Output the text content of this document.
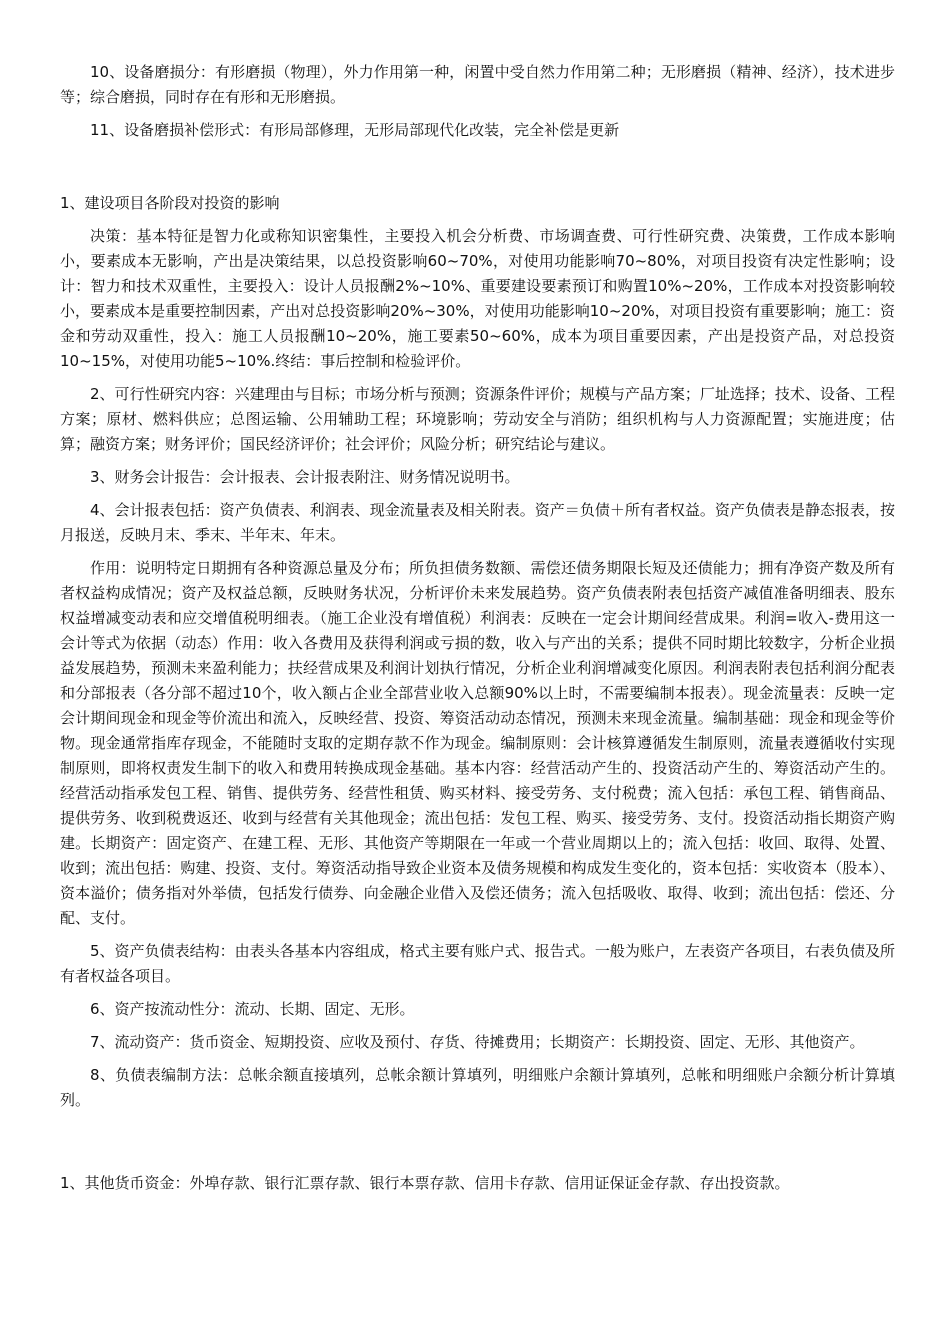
10、设备磨损分：有形磨损（物理），外力作用第一种，闲置中受自然力作用第二种；无形磨损（精神、经济），技术进步等；综合磨损，同时存在有形和无形磨损。

11、设备磨损补偿形式：有形局部修理，无形局部现代化改装，完全补偿是更新

1、建设项目各阶段对投资的影响

决策：基本特征是智力化或称知识密集性，主要投入机会分析费、市场调查费、可行性研究费、决策费，工作成本影响小，要素成本无影响，产出是决策结果，以总投资影响60~70%，对使用功能影响70~80%，对项目投资有决定性影响；设计：智力和技术双重性，主要投入：设计人员报酬2%~10%、重要建设要素预订和购置10%~20%，工作成本对投资影响较小，要素成本是重要控制因素，产出对总投资影响20%~30%，对使用功能影响10~20%，对项目投资有重要影响；施工：资金和劳动双重性，投入：施工人员报酬10~20%，施工要素50~60%，成本为项目重要因素，产出是投资产品，对总投资10~15%，对使用功能5~10%.终结：事后控制和检验评价。

2、可行性研究内容：兴建理由与目标；市场分析与预测；资源条件评价；规模与产品方案；厂址选择；技术、设备、工程方案；原材、燃料供应；总图运输、公用辅助工程；环境影响；劳动安全与消防；组织机构与人力资源配置；实施进度；估算；融资方案；财务评价；国民经济评价；社会评价；风险分析；研究结论与建议。

3、财务会计报告：会计报表、会计报表附注、财务情况说明书。

4、会计报表包括：资产负债表、利润表、现金流量表及相关附表。资产＝负债＋所有者权益。资产负债表是静态报表，按月报送，反映月末、季末、半年末、年末。

作用：说明特定日期拥有各种资源总量及分布；所负担债务数额、需偿还债务期限长短及还债能力；拥有净资产数及所有者权益构成情况；资产及权益总额，反映财务状况，分析评价未来发展趋势。资产负债表附表包括资产减值准备明细表、股东权益增减变动表和应交增值税明细表。（施工企业没有增值税）利润表：反映在一定会计期间经营成果。利润=收入-费用这一会计等式为依据（动态）作用：收入各费用及获得利润或亏损的数，收入与产出的关系；提供不同时期比较数字，分析企业损益发展趋势，预测未来盈利能力；扶经营成果及利润计划执行情况，分析企业利润增减变化原因。利润表附表包括利润分配表和分部报表（各分部不超过10个，收入额占企业全部营业收入总额90%以上时，不需要编制本报表）。现金流量表：反映一定会计期间现金和现金等价流出和流入，反映经营、投资、筹资活动动态情况，预测未来现金流量。编制基础：现金和现金等价物。现金通常指库存现金，不能随时支取的定期存款不作为现金。编制原则：会计核算遵循发生制原则，流量表遵循收付实现制原则，即将权责发生制下的收入和费用转换成现金基础。基本内容：经营活动产生的、投资活动产生的、筹资活动产生的。经营活动指承发包工程、销售、提供劳务、经营性租赁、购买材料、接受劳务、支付税费；流入包括：承包工程、销售商品、提供劳务、收到税费返还、收到与经营有关其他现金；流出包括：发包工程、购买、接受劳务、支付。投资活动指长期资产购建。长期资产：固定资产、在建工程、无形、其他资产等期限在一年或一个营业周期以上的；流入包括：收回、取得、处置、收到；流出包括：购建、投资、支付。筹资活动指导致企业资本及债务规模和构成发生变化的，资本包括：实收资本（股本）、资本溢价；债务指对外举债，包括发行债券、向金融企业借入及偿还债务；流入包括吸收、取得、收到；流出包括：偿还、分配、支付。

5、资产负债表结构：由表头各基本内容组成，格式主要有账户式、报告式。一般为账户，左表资产各项目，右表负债及所有者权益各项目。

6、资产按流动性分：流动、长期、固定、无形。

7、流动资产：货币资金、短期投资、应收及预付、存货、待摊费用；长期资产：长期投资、固定、无形、其他资产。

8、负债表编制方法：总帐余额直接填列，总帐余额计算填列，明细账户余额计算填列，总帐和明细账户余额分析计算填列。

1、其他货币资金：外埠存款、银行汇票存款、银行本票存款、信用卡存款、信用证保证金存款、存出投资款。
